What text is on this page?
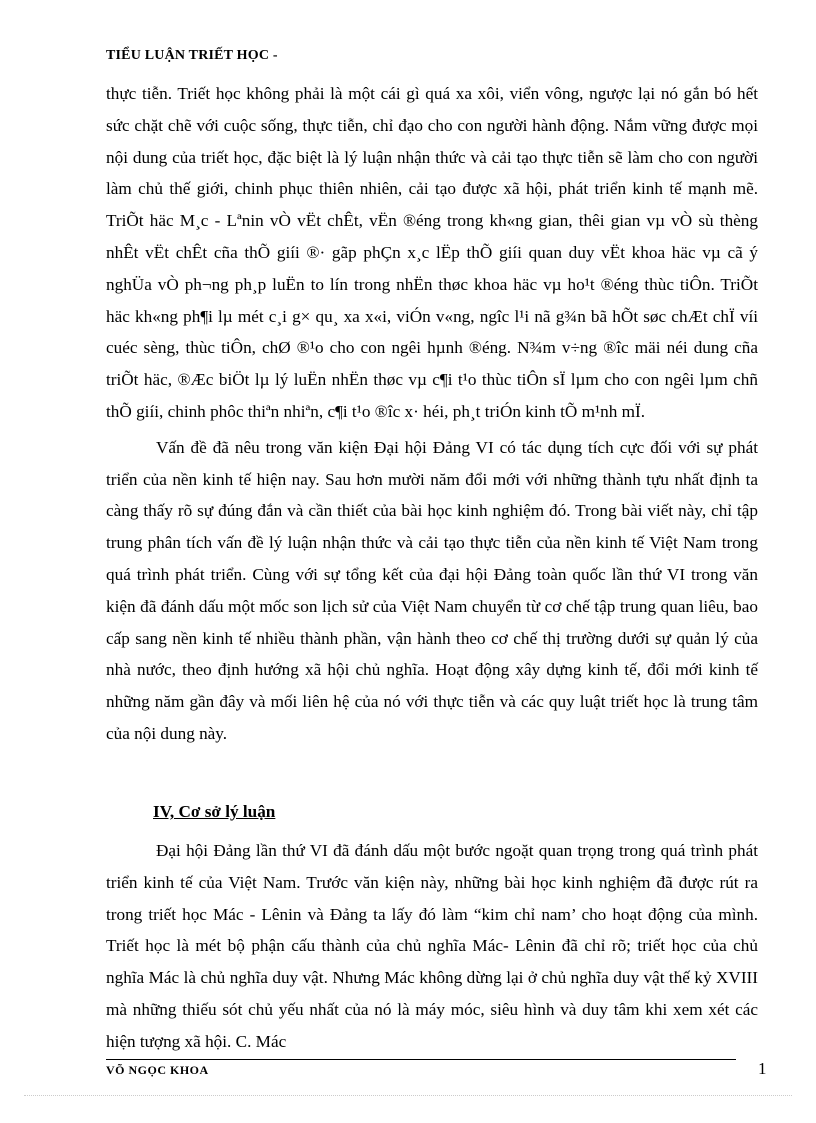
TIỂU LUẬN TRIẾT HỌC -

thực tiễn. Triết học không phải là một cái gì quá xa xôi, viển vông, ngược lại nó gắn bó hết sức chặt chẽ với cuộc sống, thực tiễn, chỉ đạo cho con người hành động. Nắm vững được mọi nội dung của triết học, đặc biệt là lý luận nhận thức và cải tạo thực tiễn sẽ làm cho con người làm chủ thế giới, chinh phục thiên nhiên, cải tạo được xã hội, phát triển kinh tế mạnh mẽ. TriÕt häc M¸c - Lªnin vÒ vËt chÊt, vËn ®éng trong kh«ng gian, thêi gian vµ vÒ sù thèng nhÊt vËt chÊt cña thÕ giíi ®· gãp phÇn x¸c lËp thÕ giíi quan duy vËt khoa häc vµ cã ý nghÜa vÒ ph¬ng ph¸p luËn to lín trong nhËn thøc khoa häc vµ ho¹t ®éng thùc tiÔn. TriÕt häc kh«ng ph¶i lµ mét c¸i g× qu¸ xa x«i, viÓn v«ng, ngîc l¹i nã g¾n bã hÕt søc chÆt chÏ víi cuéc sèng, thùc tiÔn, chØ ®¹o cho con ngêi hµnh ®éng. N¾m v÷ng ®îc mäi néi dung cña triÕt häc, ®Æc biÖt lµ lý luËn nhËn thøc vµ c¶i t¹o thùc tiÔn sÏ lµm cho con ngêi lµm chñ thÕ giíi, chinh phôc thiªn nhiªn, c¶i t¹o ®îc x· héi, ph¸t triÓn kinh tÕ m¹nh mÏ.

Vấn đề đã nêu trong văn kiện Đại hội Đảng VI có tác dụng tích cực đối với sự phát triển của nền kinh tế hiện nay. Sau hơn mười năm đổi mới với những thành tựu nhất định ta càng thấy rõ sự đúng đắn và cần thiết của bài học kinh nghiệm đó. Trong bài viết này, chỉ tập trung phân tích vấn đề lý luận nhận thức và cải tạo thực tiễn của nền kinh tế Việt Nam trong quá trình phát triển. Cùng với sự tổng kết của đại hội Đảng toàn quốc lần thứ VI trong văn kiện đã đánh dấu một mốc son lịch sử của Việt Nam chuyển từ cơ chế tập trung quan liêu, bao cấp sang nền kinh tế nhiều thành phần, vận hành theo cơ chế thị trường dưới sự quản lý của nhà nước, theo định hướng xã hội chủ nghĩa. Hoạt động xây dựng kinh tế, đổi mới kinh tế những năm gần đây và mối liên hệ của nó với thực tiễn và các quy luật triết học là trung tâm của nội dung này.

IV, Cơ sở lý luận

Đại hội Đảng lần thứ VI đã đánh dấu một bước ngoặt quan trọng trong quá trình phát triển kinh tế của Việt Nam. Trước văn kiện này, những bài học kinh nghiệm đã được rút ra trong triết học Mác - Lênin và Đảng ta lấy đó làm “kim chỉ nam’ cho hoạt động của mình. Triết học là mét bộ phận cấu thành của chủ nghĩa Mác- Lênin đã chỉ rõ; triết học của chủ nghĩa Mác là chủ nghĩa duy vật. Nhưng Mác không dừng lại ở chủ nghĩa duy vật thế kỷ XVIII mà những thiếu sót chủ yếu nhất của nó là máy móc, siêu hình và duy tâm khi xem xét các hiện tượng xã hội. C. Mác

VÕ NGỌC KHOA	1
